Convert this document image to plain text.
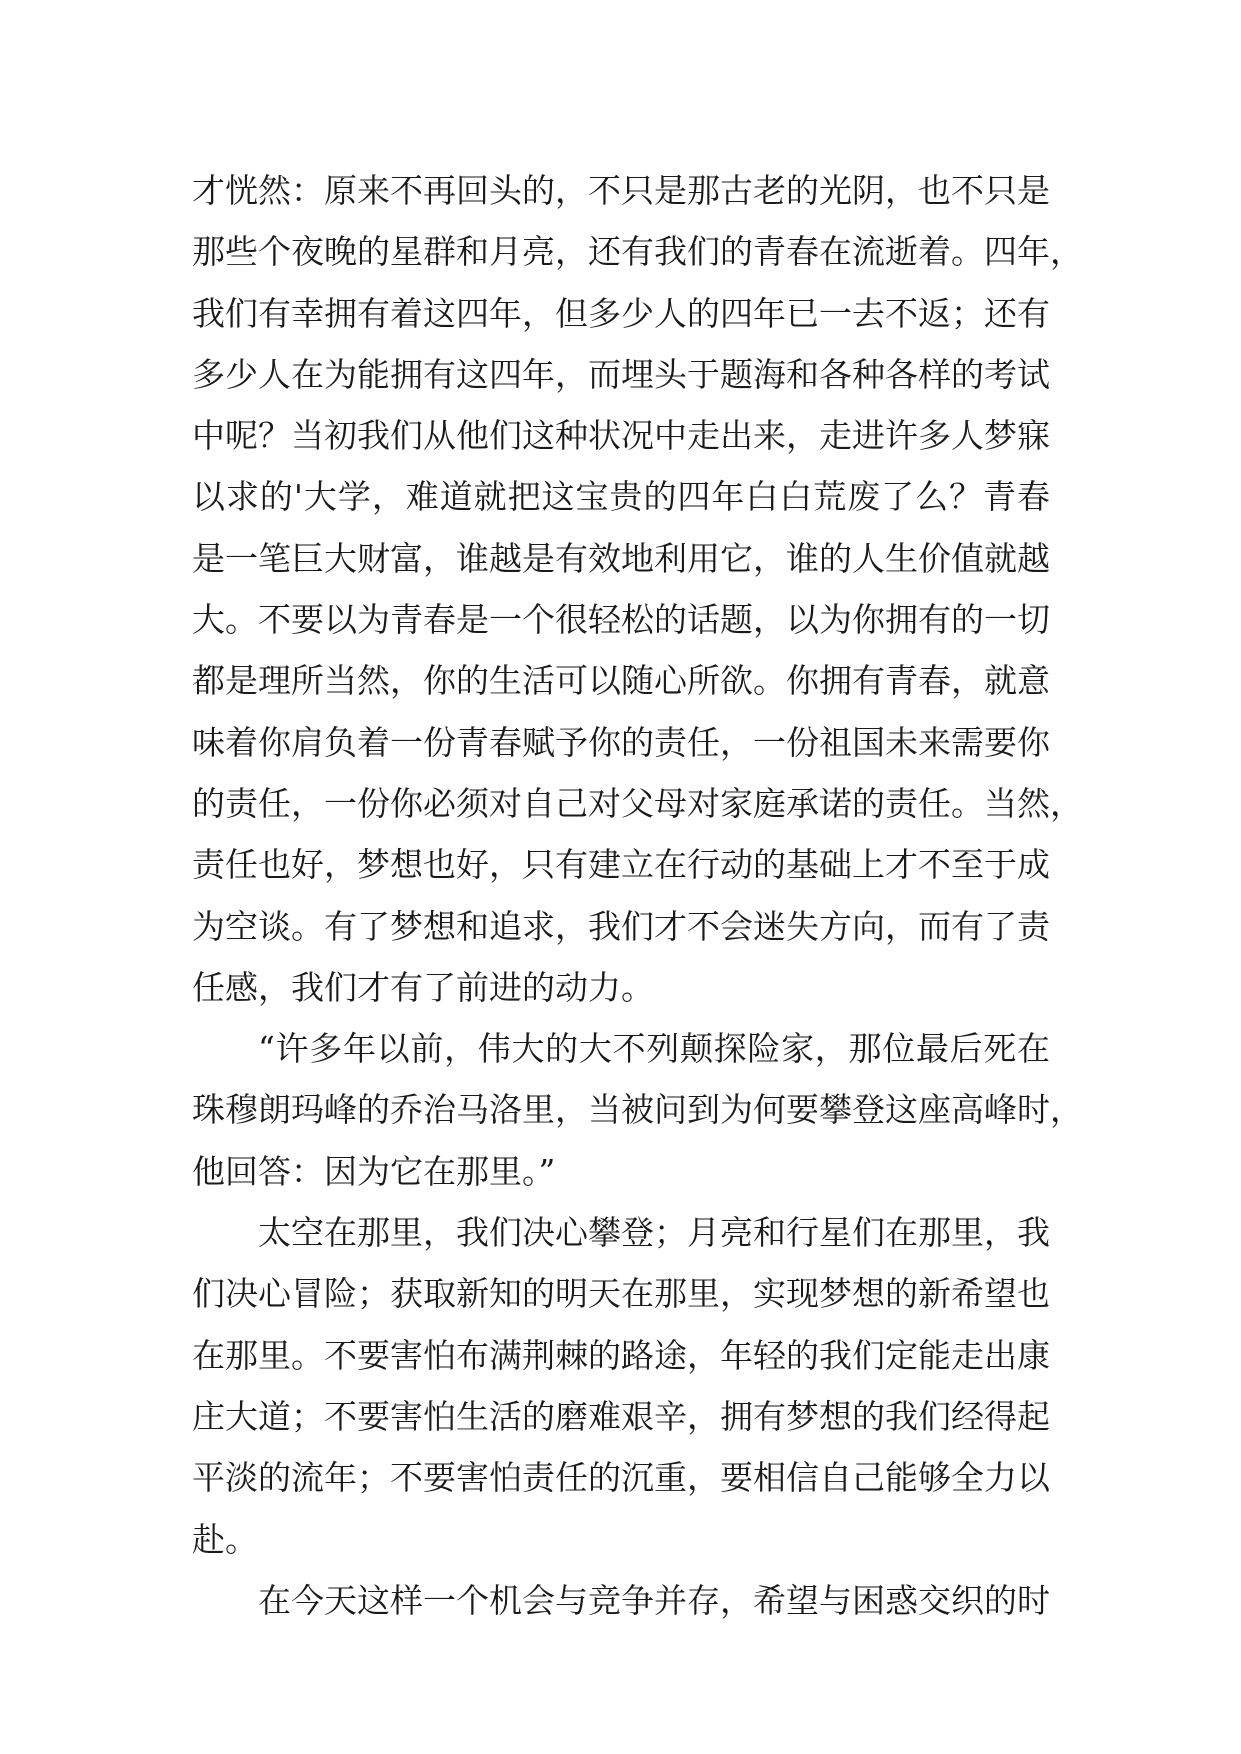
才恍然：原来不再回头的，不只是那古老的光阴，也不只是
那些个夜晚的星群和月亮，还有我们的青春在流逝着。四年，
我们有幸拥有着这四年，但多少人的四年已一去不返；还有
多少人在为能拥有这四年，而埋头于题海和各种各样的考试
中呢？当初我们从他们这种状况中走出来，走进许多人梦寐
以求的'大学，难道就把这宝贵的四年白白荒废了么？青春
是一笔巨大财富，谁越是有效地利用它，谁的人生价值就越
大。不要以为青春是一个很轻松的话题，以为你拥有的一切
都是理所当然，你的生活可以随心所欲。你拥有青春，就意
味着你肩负着一份青春赋予你的责任，一份祖国未来需要你
的责任，一份你必须对自己对父母对家庭承诺的责任。当然，
责任也好，梦想也好，只有建立在行动的基础上才不至于成
为空谈。有了梦想和追求，我们才不会迷失方向，而有了责
任感，我们才有了前进的动力。
“许多年以前，伟大的大不列颠探险家，那位最后死在
珠穆朗玛峰的乔治马洛里，当被问到为何要攀登这座高峰时，
他回答：因为它在那里。”
太空在那里，我们决心攀登；月亮和行星们在那里，我
们决心冒险；获取新知的明天在那里，实现梦想的新希望也
在那里。不要害怕布满荆棘的路途，年轻的我们定能走出康
庄大道；不要害怕生活的磨难艰辛，拥有梦想的我们经得起
平淡的流年；不要害怕责任的沉重，要相信自己能够全力以
赴。
在今天这样一个机会与竞争并存，希望与困惑交织的时
